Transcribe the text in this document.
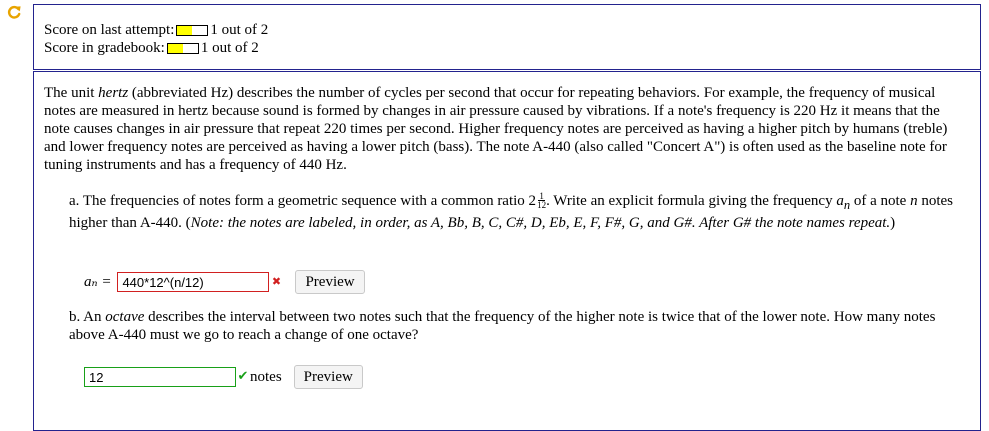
Score on last attempt: 1 out of 2
Score in gradebook: 1 out of 2
The unit hertz (abbreviated Hz) describes the number of cycles per second that occur for repeating behaviors. For example, the frequency of musical notes are measured in hertz because sound is formed by changes in air pressure caused by vibrations. If a note's frequency is 220 Hz it means that the note causes changes in air pressure that repeat 220 times per second. Higher frequency notes are perceived as having a higher pitch by humans (treble) and lower frequency notes are perceived as having a lower pitch (bass). The note A-440 (also called "Concert A") is often used as the baseline note for tuning instruments and has a frequency of 440 Hz.
a. The frequencies of notes form a geometric sequence with a common ratio $2 \frac{1}{12}$ . Write an explicit formula giving the frequency $a_n$ of a note n notes higher than A-440. (Note: the notes are labeled, in order, as A, Bb, B, C, C#, D, Eb, E, F, F#, G, and G#. After G# the note names repeat.)
aₙ =
440*12^(n/12)	✖	Preview
b. An octave describes the interval between two notes such that the frequency of the higher note is twice that of the lower note. How many notes above A-440 must we go to reach a change of one octave?
12
✔ notes	Preview
